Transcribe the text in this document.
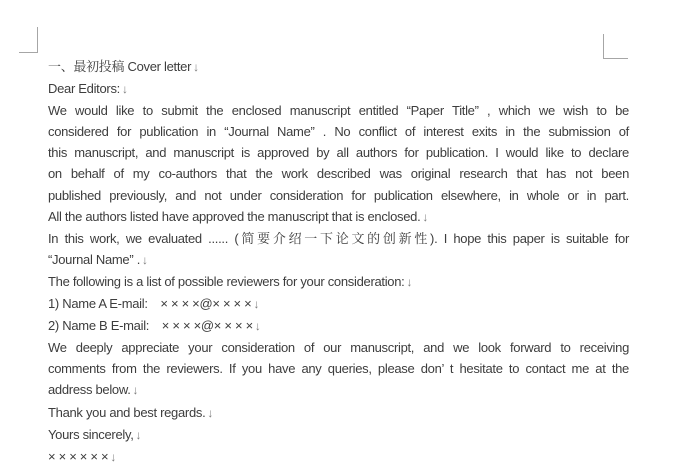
一、最初投稿 Cover letter ↓
Dear Editors: ↓
We would like to submit the enclosed manuscript entitled “Paper Title” , which we wish to be
considered for publication in “Journal Name” . No conflict of interest exits in the submission of
this manuscript, and manuscript is approved by all authors for publication. I would like to declare
on behalf of my co-authors that the work described was original research that has not been
published previously, and not under consideration for publication elsewhere, in whole or in part.
All the authors listed have approved the manuscript that is enclosed. ↓
In this work, we evaluated ...... (简要介绍一下论文的创新性). I hope this paper is suitable for
“Journal Name” . ↓
The following is a list of possible reviewers for your consideration: ↓
1) Name A E-mail:　× × × ×@× × × × ↓
2) Name B E-mail:　× × × ×@× × × × ↓
We deeply appreciate your consideration of our manuscript, and we look forward to receiving
comments from the reviewers. If you have any queries, please don’ t hesitate to contact me at the
address below. ↓
Thank you and best regards. ↓
Yours sincerely, ↓
× × × × × × ↓
